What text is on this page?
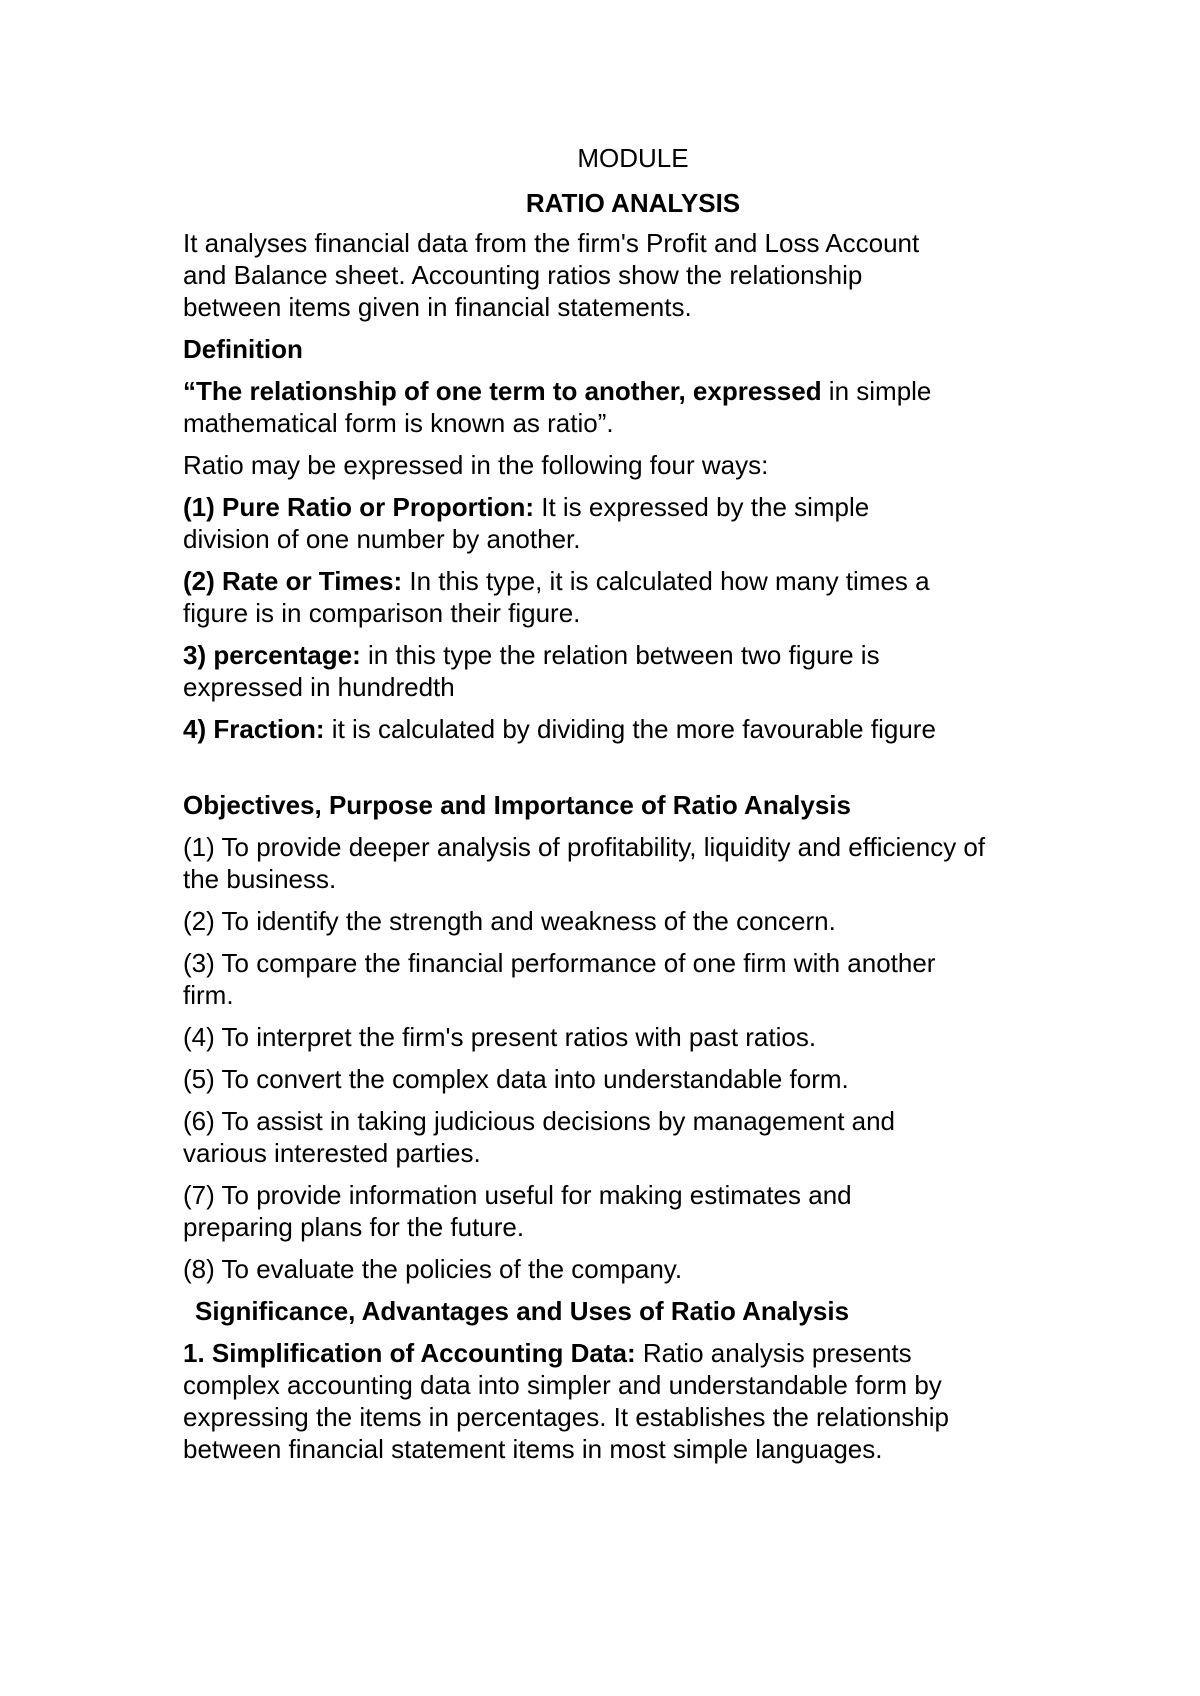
MODULE
RATIO ANALYSIS

It analyses financial data from the firm's Profit and Loss Account
and Balance sheet. Accounting ratios show the relationship
between items given in financial statements.

Definition

“The relationship of one term to another, expressed in simple
mathematical form is known as ratio”.

Ratio may be expressed in the following four ways:

(1) Pure Ratio or Proportion: It is expressed by the simple
division of one number by another.

(2) Rate or Times: In this type, it is calculated how many times a
figure is in comparison their figure.

3) percentage: in this type the relation between two figure is
expressed in hundredth

4) Fraction: it is calculated by dividing the more favourable figure

Objectives, Purpose and Importance of Ratio Analysis

(1) To provide deeper analysis of profitability, liquidity and efficiency of
the business.

(2) To identify the strength and weakness of the concern.

(3) To compare the financial performance of one firm with another
firm.

(4) To interpret the firm's present ratios with past ratios.

(5) To convert the complex data into understandable form.

(6) To assist in taking judicious decisions by management and
various interested parties.

(7) To provide information useful for making estimates and
preparing plans for the future.

(8) To evaluate the policies of the company.

Significance, Advantages and Uses of Ratio Analysis

1. Simplification of Accounting Data: Ratio analysis presents
complex accounting data into simpler and understandable form by
expressing the items in percentages. It establishes the relationship
between financial statement items in most simple languages.
